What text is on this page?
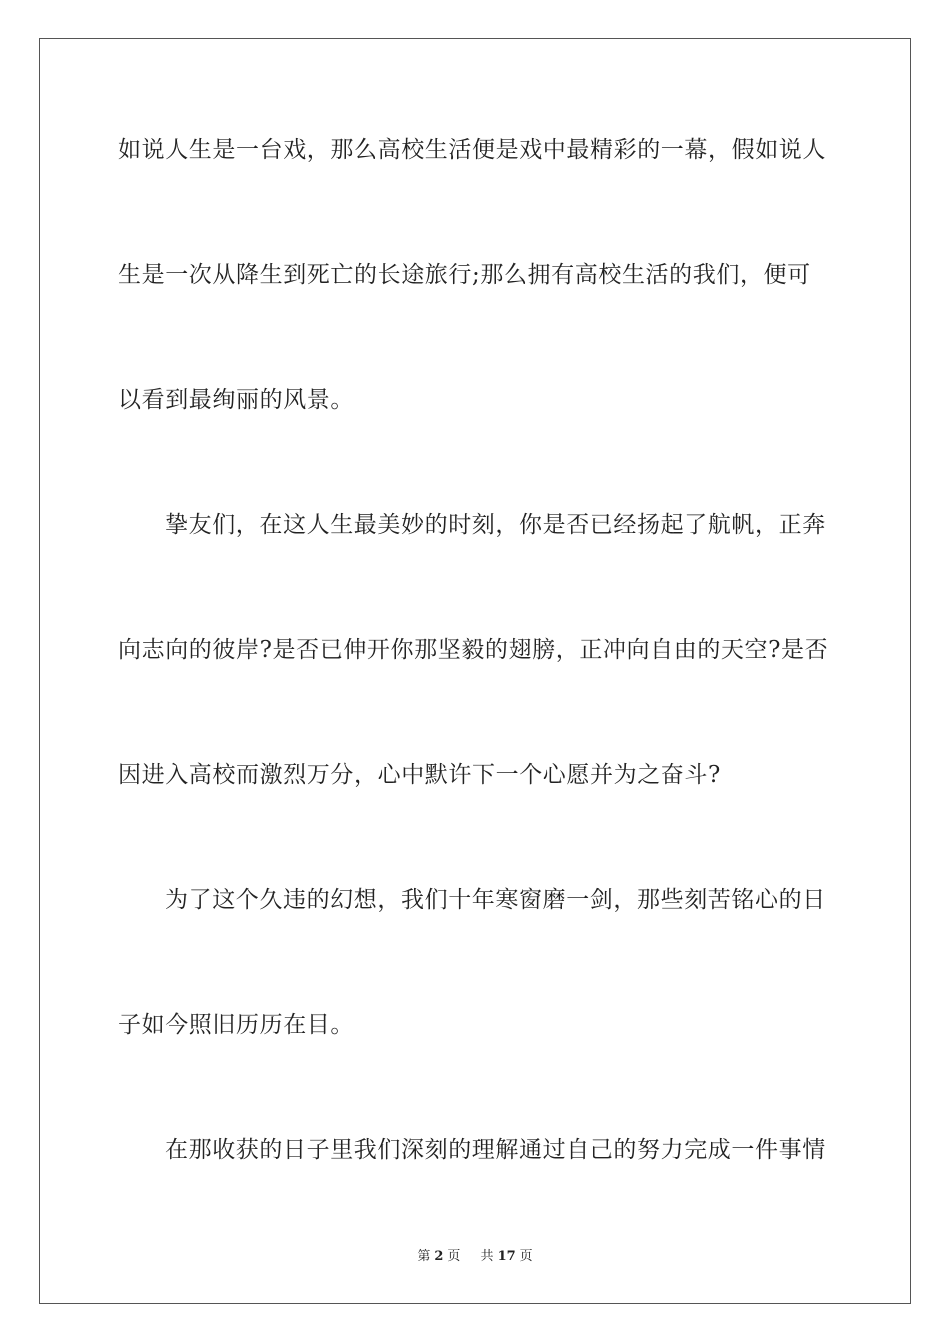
如说人生是一台戏，那么高校生活便是戏中最精彩的一幕，假如说人
生是一次从降生到死亡的长途旅行;那么拥有高校生活的我们，便可
以看到最绚丽的风景。
挚友们，在这人生最美妙的时刻，你是否已经扬起了航帆，正奔
向志向的彼岸?是否已伸开你那坚毅的翅膀，正冲向自由的天空?是否
因进入高校而激烈万分，心中默许下一个心愿并为之奋斗?
为了这个久违的幻想，我们十年寒窗磨一剑，那些刻苦铭心的日
子如今照旧历历在目。
在那收获的日子里我们深刻的理解通过自己的努力完成一件事情
第 2 页 共 17 页
